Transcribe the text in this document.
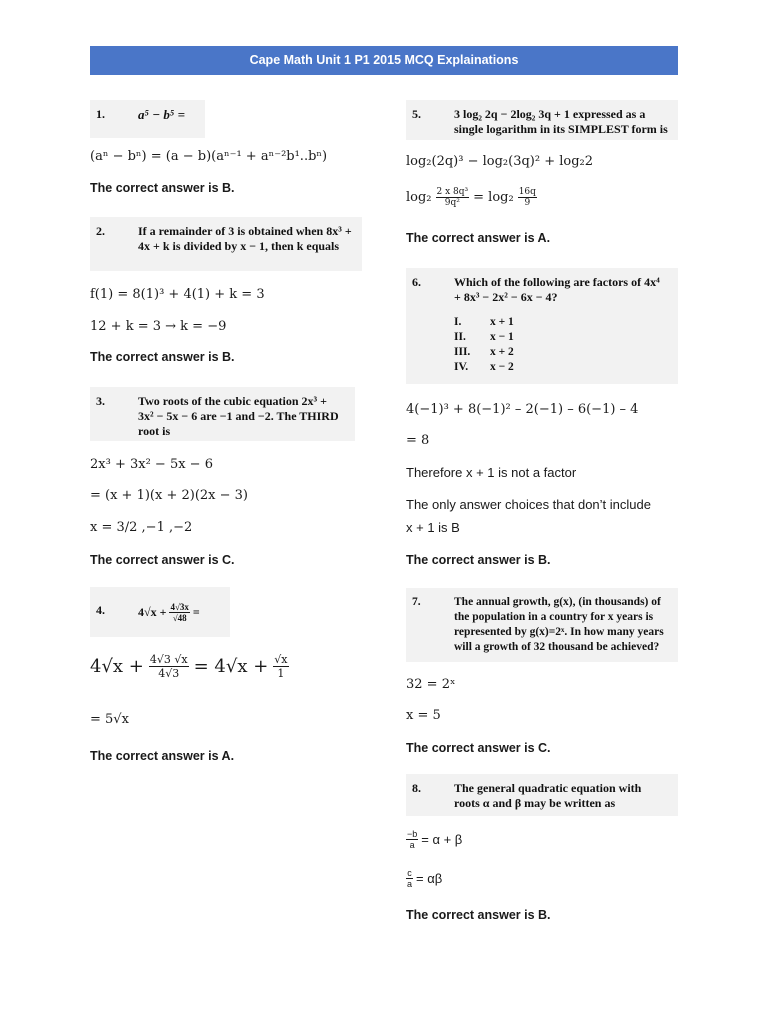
Cape Math Unit 1 P1 2015 MCQ Explainations
1.	a⁵ − b⁵ =
(aⁿ − bⁿ) = (a − b)(aⁿ⁻¹ + aⁿ⁻²b¹..bⁿ)
The correct answer is B.
2.	If a remainder of 3 is obtained when 8x³ + 4x + k is divided by x − 1, then k equals
f(1) = 8(1)³ + 4(1) + k = 3
12 + k = 3 → k = −9
The correct answer is B.
3.	Two roots of the cubic equation 2x³ + 3x² − 5x − 6 are −1 and −2. The THIRD root is
2x³ + 3x² − 5x − 6
= (x + 1)(x + 2)(2x − 3)
x = 3/2 ,−1 ,−2
The correct answer is C.
4.	$4√x + \frac{4√3x}{√48}$ =
$4√x + \frac{4√3 √x}{4√3} = 4√x + \frac{√x}{1}$
= 5√x
The correct answer is A.
5.	3 log₂ 2q − 2log₂ 3q + 1 expressed as a single logarithm in its SIMPLEST form is
log₂(2q)³ − log₂(3q)² + log₂2
$\log_2 \frac{\text{2 x 8q³}}{\text{9q²}} = \log_2 \frac{16q}{9}$
The correct answer is A.
6.	Which of the following are factors of 4x⁴ + 8x³ − 2x² − 6x − 4?
I.	x + 1
II.	x − 1
III.	x + 2
IV.	x − 2
4(−1)³ + 8(−1)² – 2(−1) – 6(−1) – 4
= 8
Therefore x + 1 is not a factor
The only answer choices that don’t include
x + 1 is B
The correct answer is B.
7.	The annual growth, g(x), (in thousands) of the population in a country for x years is represented by g(x)=2ˣ. In how many years will a growth of 32 thousand be achieved?
32 = 2ˣ
x = 5
The correct answer is C.
8.	The general quadratic equation with roots α and β may be written as
$\frac{-b}{a} = \alpha + \beta$
$\frac{c}{a} = \alpha\beta$
The correct answer is B.
